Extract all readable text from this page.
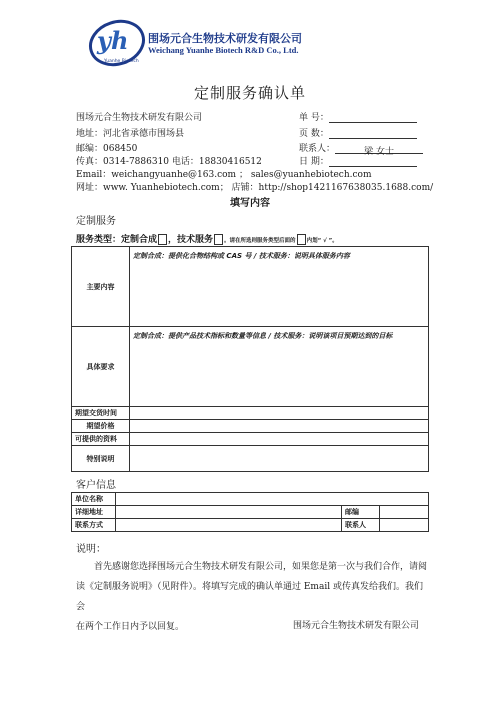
yh
Yuanhe Biotech
围场元合生物技术研发有限公司
Weichang Yuanhe Biotech R&D Co., Ltd.
定制服务确认单
围场元合生物技术研发有限公司
地址：河北省承德市围场县
邮编：068450
传真：0314-7886310 电话：18830416512
Email：weichangyuanhe@163.com ； sales@yuanhebiotech.com
网址：www. Yuanhebiotech.com； 店铺：http://shop1421167638035.1688.com/
单 号：
页 数：
联系人：	梁 女士
日 期：
填写内容
定制服务
服务类型：定制合成 ，技术服务 。请在所选则服务类型后面的 内划“ √ ”。
主要内容	定制合成：提供化合物结构或 CAS 号 / 技术服务：说明具体服务内容
具体要求	定制合成：提供产品技术指标和数量等信息 / 技术服务：说明该项目预期达到的目标
期望交货时间	
期望价格	
可提供的资料	
特别说明	
客户信息
单位名称			
详细地址		邮编	
联系方式		联系人	
说明：
首先感谢您选择围场元合生物技术研发有限公司，如果您是第一次与我们合作，请阅
读《定制服务说明》（见附件）。将填写完成的确认单通过 Email 或传真发给我们。我们会
在两个工作日内予以回复。	围场元合生物技术研发有限公司
